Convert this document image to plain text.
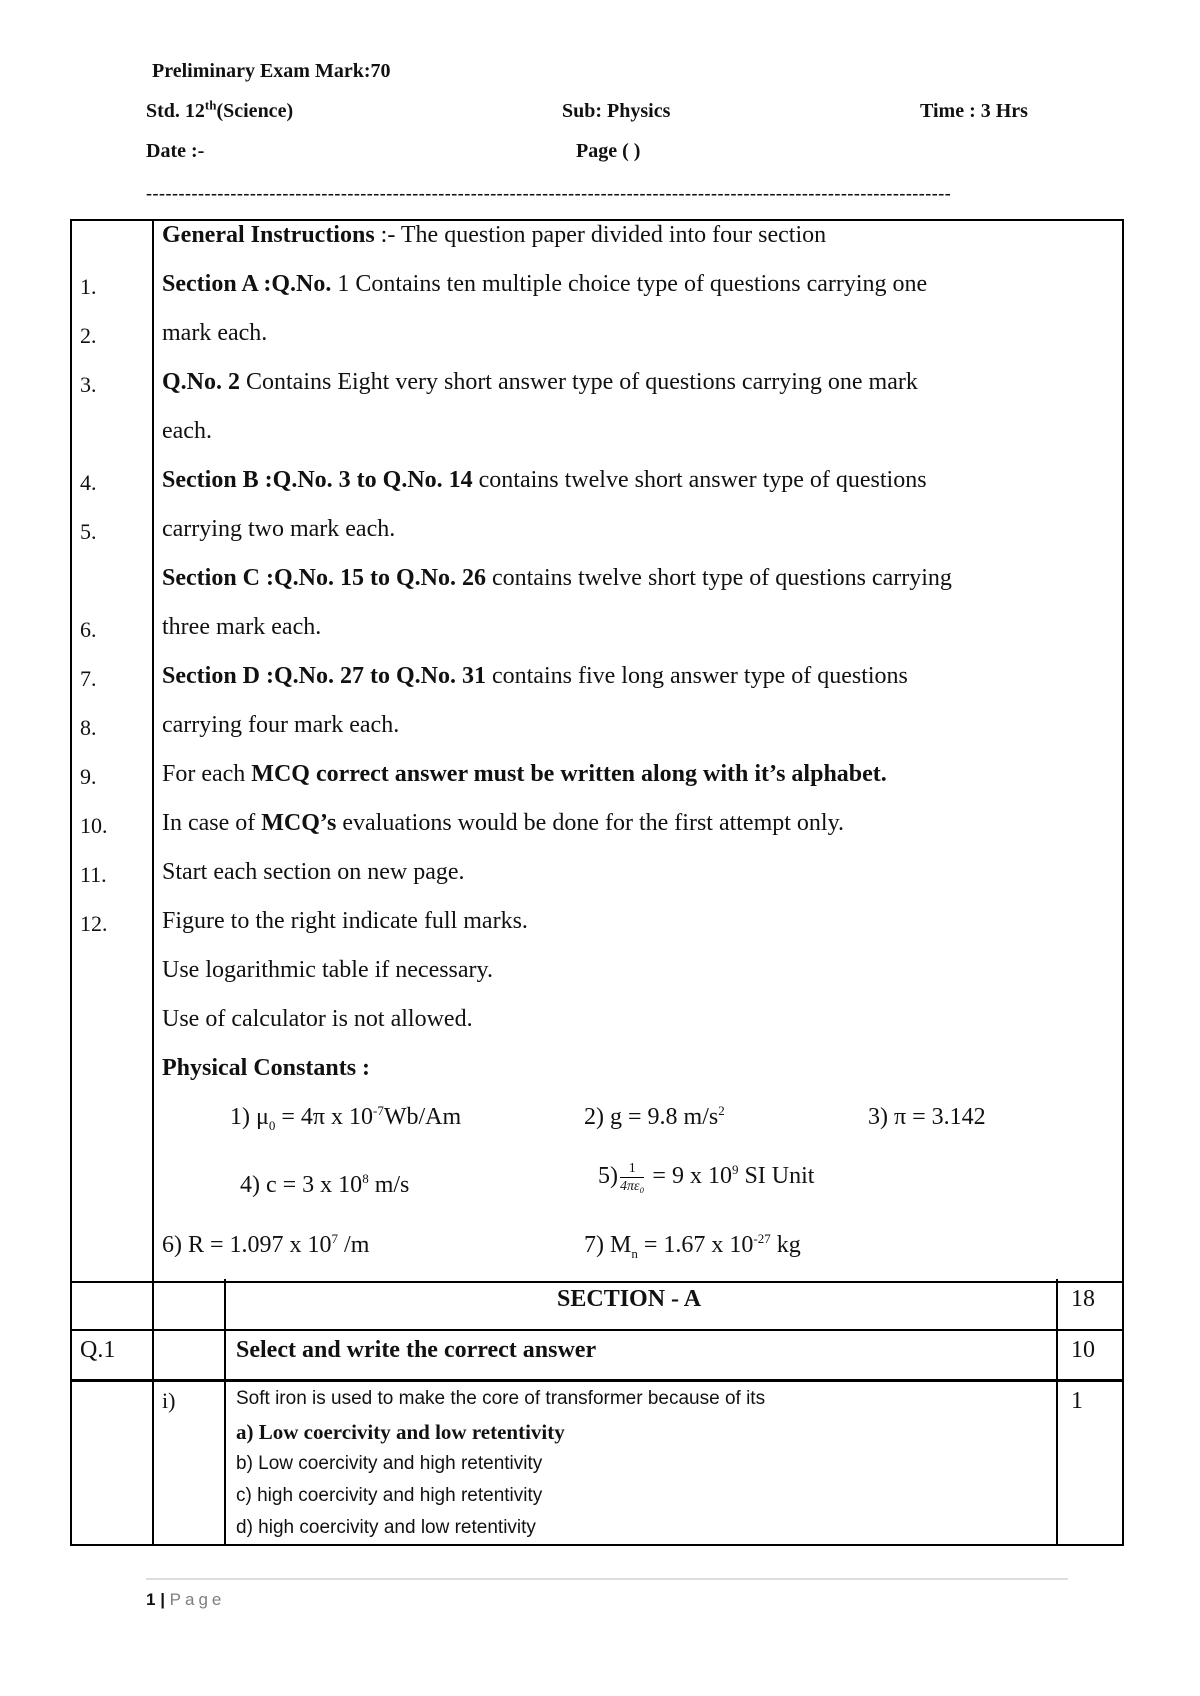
Preliminary Exam Mark:70
Std. 12th(Science)	Sub: Physics	Time : 3 Hrs
Date :-	Page ( )
----------------------------------------------------------------------------------------------------------------------------
1.
2.
3.
4.
5.
6.
7.
8.
9.
10.
11.
12.
General Instructions :- The question paper divided into four section
Section A :Q.No. 1 Contains ten multiple choice type of questions carrying one
mark each.
Q.No. 2 Contains Eight very short answer type of questions carrying one mark
each.
Section B :Q.No. 3 to Q.No. 14 contains twelve short answer type of questions
carrying two mark each.
Section C :Q.No. 15 to Q.No. 26 contains twelve short type of questions carrying
three mark each.
Section D :Q.No. 27 to Q.No. 31 contains five long answer type of questions
carrying four mark each.
For each MCQ correct answer must be written along with it’s alphabet.
In case of MCQ’s evaluations would be done for the first attempt only.
Start each section on new page.
Figure to the right indicate full marks.
Use logarithmic table if necessary.
Use of calculator is not allowed.
Physical Constants :
1) $\mu_0 = 4\pi$ x $10^{-7}Wb/Am$	2) g = 9.8 $m/s^2$	3) π = 3.142
4) c = 3 x $10^8$ m/s	$5) \frac{1}{\text{4πε₀}} = 9$ x $10^9$ SI Unit
6) R = 1.097 x $10^7$ /m	7) $M_n = 1.67$ x $10^{-27}$ kg
SECTION - A	18
Q.1	Select and write the correct answer	10
i)	Soft iron is used to make the core of transformer because of its	1
a) Low coercivity and low retentivity
b) Low coercivity and high retentivity
c) high coercivity and high retentivity
d) high coercivity and low retentivity
1 | Page
